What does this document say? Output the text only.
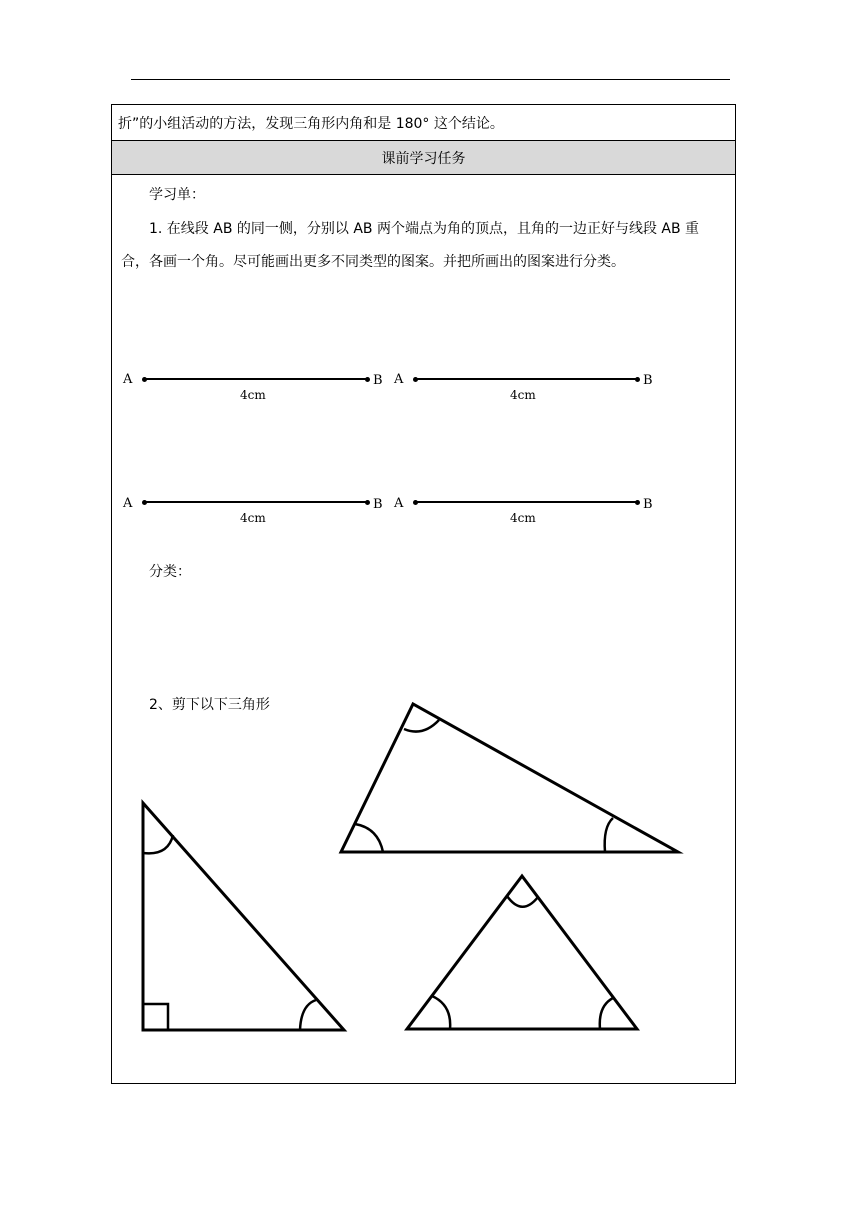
折”的小组活动的方法，发现三角形内角和是 180° 这个结论。
课前学习任务
学习单：
1. 在线段 AB 的同一侧，分别以 AB 两个端点为角的顶点，且角的一边正好与线段 AB 重
合，各画一个角。尽可能画出更多不同类型的图案。并把所画出的图案进行分类。
A	B
4cm
A	B
4cm
A	B
4cm
A	B
4cm
分类：
2、剪下以下三角形
